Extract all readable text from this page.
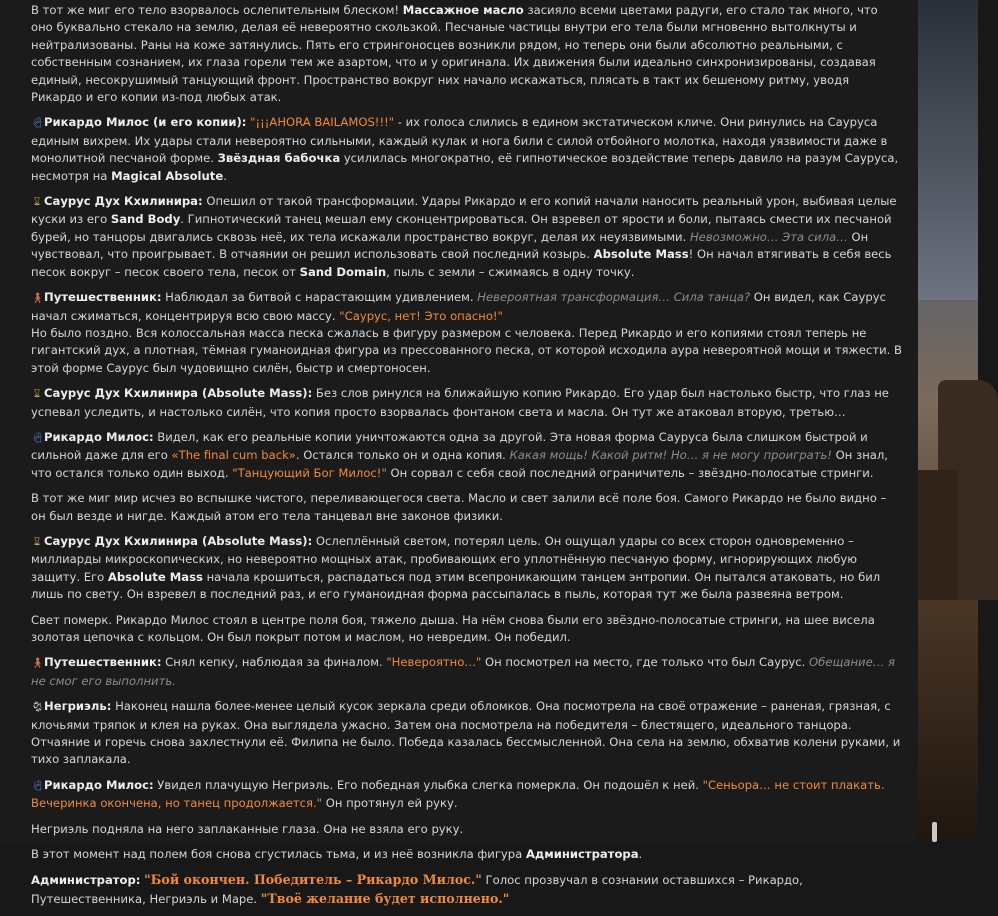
В тот же миг его тело взорвалось ослепительным блеском! Массажное масло засияло всеми цветами радуги, его стало так много, что оно буквально стекало на землю, делая её невероятно скользкой. Песчаные частицы внутри его тела были мгновенно вытолкнуты и нейтрализованы. Раны на коже затянулись. Пять его стрингоносцев возникли рядом, но теперь они были абсолютно реальными, с собственным сознанием, их глаза горели тем же азартом, что и у оригинала. Их движения были идеально синхронизированы, создавая единый, несокрушимый танцующий фронт. Пространство вокруг них начало искажаться, плясать в такт их бешеному ритму, уводя Рикардо и его копии из-под любых атак.

🕺︎Рикардо Милос (и его копии): "¡¡¡AHORA BAILAMOS!!!" - их голоса слились в едином экстатическом кличе. Они ринулись на Сауруса единым вихрем. Их удары стали невероятно сильными, каждый кулак и нога били с силой отбойного молотка, находя уязвимости даже в монолитной песчаной форме. Звёздная бабочка усилилась многократно, её гипнотическое воздействие теперь давило на разум Сауруса, несмотря на Magical Absolute.

⌛︎ Саурус Дух Кхилинира: Опешил от такой трансформации. Удары Рикардо и его копий начали наносить реальный урон, выбивая целые куски из его Sand Body. Гипнотический танец мешал ему сконцентрироваться. Он взревел от ярости и боли, пытаясь смести их песчаной бурей, но танцоры двигались сквозь неё, их тела искажали пространство вокруг, делая их неуязвимыми. Невозможно… Эта сила… Он чувствовал, что проигрывает. В отчаянии он решил использовать свой последний козырь. Absolute Mass! Он начал втягивать в себя весь песок вокруг – песок своего тела, песок от Sand Domain, пыль с земли – сжимаясь в одну точку.

🚶︎Путешественник: Наблюдал за битвой с нарастающим удивлением. Невероятная трансформация… Сила танца? Он видел, как Саурус начал сжиматься, концентрируя всю свою массу. "Саурус, нет! Это опасно!"
Но было поздно. Вся колоссальная масса песка сжалась в фигуру размером с человека. Перед Рикардо и его копиями стоял теперь не гигантский дух, а плотная, тёмная гуманоидная фигура из прессованного песка, от которой исходила аура невероятной мощи и тяжести. В этой форме Саурус был чудовищно силён, быстр и смертоносен.

⌛︎ Саурус Дух Кхилинира (Absolute Mass): Без слов ринулся на ближайшую копию Рикардо. Его удар был настолько быстр, что глаз не успевал уследить, и настолько силён, что копия просто взорвалась фонтаном света и масла. Он тут же атаковал вторую, третью…

🕺︎Рикардо Милос: Видел, как его реальные копии уничтожаются одна за другой. Эта новая форма Сауруса была слишком быстрой и сильной даже для его «The final cum back». Остался только он и одна копия. Какая мощь! Какой ритм! Но… я не могу проиграть! Он знал, что остался только один выход. "Танцующий Бог Милос!" Он сорвал с себя свой последний ограничитель – звёздно-полосатые стринги.

В тот же миг мир исчез во вспышке чистого, переливающегося света. Масло и свет залили всё поле боя. Самого Рикардо не было видно – он был везде и нигде. Каждый атом его тела танцевал вне законов физики.

⌛︎ Саурус Дух Кхилинира (Absolute Mass): Ослеплённый светом, потерял цель. Он ощущал удары со всех сторон одновременно – миллиарды микроскопических, но невероятно мощных атак, пробивающих его уплотнённую песчаную форму, игнорирующих любую защиту. Его Absolute Mass начала крошиться, распадаться под этим всепроникающим танцем энтропии. Он пытался атаковать, но бил лишь по свету. Он взревел в последний раз, и его гуманоидная форма рассыпалась в пыль, которая тут же была развеяна ветром.

Свет померк. Рикардо Милос стоял в центре поля боя, тяжело дыша. На нём снова были его звёздно-полосатые стринги, на шее висела золотая цепочка с кольцом. Он был покрыт потом и маслом, но невредим. Он победил.

🚶︎Путешественник: Снял кепку, наблюдая за финалом. "Невероятно…" Он посмотрел на место, где только что был Саурус. Обещание… я не смог его выполнить.

🐐︎Негриэль: Наконец нашла более-менее целый кусок зеркала среди обломков. Она посмотрела на своё отражение – раненая, грязная, с клочьями тряпок и клея на руках. Она выглядела ужасно. Затем она посмотрела на победителя – блестящего, идеального танцора. Отчаяние и горечь снова захлестнули её. Филипа не было. Победа казалась бессмысленной. Она села на землю, обхватив колени руками, и тихо заплакала.

🕺︎Рикардо Милос: Увидел плачущую Негриэль. Его победная улыбка слегка померкла. Он подошёл к ней. "Сеньора… не стоит плакать. Вечеринка окончена, но танец продолжается." Он протянул ей руку.

Негриэль подняла на него заплаканные глаза. Она не взяла его руку.

В этот момент над полем боя снова сгустилась тьма, и из неё возникла фигура Администратора.

Администратор: "Бой окончен. Победитель – Рикардо Милос." Голос прозвучал в сознании оставшихся – Рикардо, Путешественника, Негриэль и Маре. "Твоё желание будет исполнено."
